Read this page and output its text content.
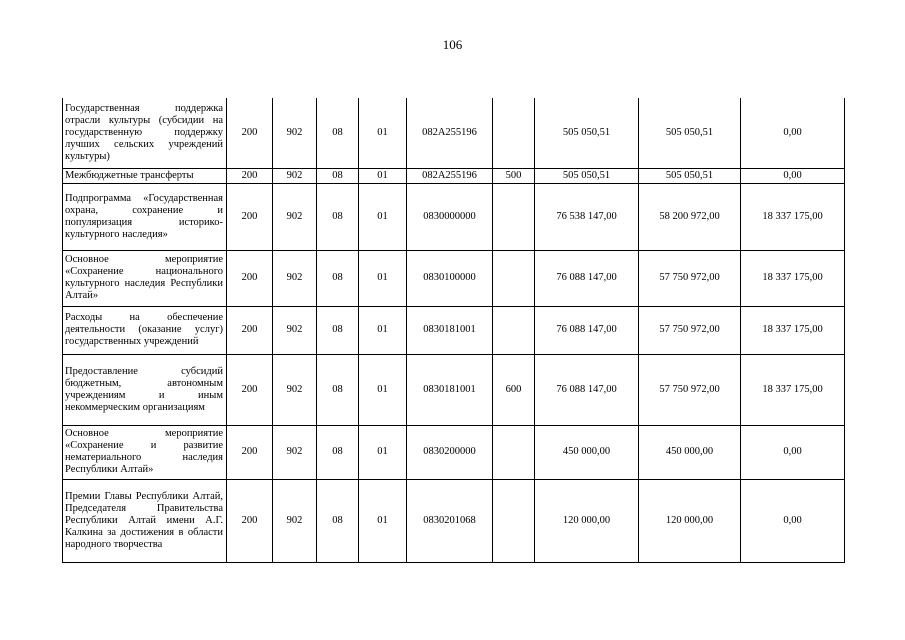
106
Государственная поддержка отрасли культуры (субсидии на государственную поддержку лучших сельских учреждений культуры)	200	902	08	01	082A255196		505 050,51	505 050,51	0,00
Межбюджетные трансферты	200	902	08	01	082A255196	500	505 050,51	505 050,51	0,00
Подпрограмма «Государственная охрана, сохранение и популяризация историко-культурного наследия»	200	902	08	01	0830000000		76 538 147,00	58 200 972,00	18 337 175,00
Основное мероприятие «Сохранение национального культурного наследия Республики Алтай»	200	902	08	01	0830100000		76 088 147,00	57 750 972,00	18 337 175,00
Расходы на обеспечение деятельности (оказание услуг) государственных учреждений	200	902	08	01	0830181001		76 088 147,00	57 750 972,00	18 337 175,00
Предоставление субсидий бюджетным, автономным учреждениям и иным некоммерческим организациям	200	902	08	01	0830181001	600	76 088 147,00	57 750 972,00	18 337 175,00
Основное мероприятие «Сохранение и развитие нематериального наследия Республики Алтай»	200	902	08	01	0830200000		450 000,00	450 000,00	0,00
Премии Главы Республики Алтай, Председателя Правительства Республики Алтай имени А.Г. Калкина за достижения в области народного творчества	200	902	08	01	0830201068		120 000,00	120 000,00	0,00
